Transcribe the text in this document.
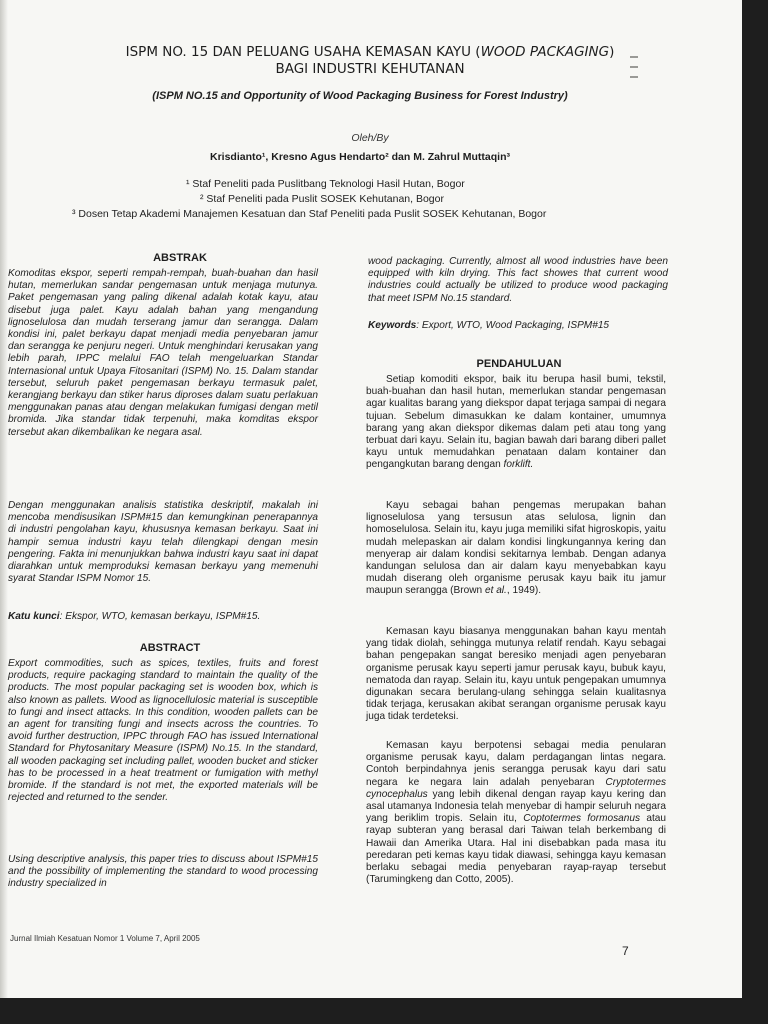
ISPM NO. 15 DAN PELUANG USAHA KEMASAN KAYU (WOOD PACKAGING)
BAGI INDUSTRI KEHUTANAN
(ISPM NO.15 and Opportunity of Wood Packaging Business for Forest Industry)
Oleh/By
Krisdianto¹, Kresno Agus Hendarto² dan M. Zahrul Muttaqin³
¹ Staf Peneliti pada Puslitbang Teknologi Hasil Hutan, Bogor
² Staf Peneliti pada Puslit SOSEK Kehutanan, Bogor
³ Dosen Tetap Akademi Manajemen Kesatuan dan Staf Peneliti pada Puslit SOSEK Kehutanan, Bogor
ABSTRAK

Komoditas ekspor, seperti rempah-rempah, buah-buahan dan hasil hutan, memerlukan sandar pengemasan untuk menjaga mutunya. Paket pengemasan yang paling dikenal adalah kotak kayu, atau disebut juga palet. Kayu adalah bahan yang mengandung lignoselulosa dan mudah terserang jamur dan serangga. Dalam kondisi ini, palet berkayu dapat menjadi media penyebaran jamur dan serangga ke penjuru negeri. Untuk menghindari kerusakan yang lebih parah, IPPC melalui FAO telah mengeluarkan Standar Internasional untuk Upaya Fitosanitari (ISPM) No. 15. Dalam standar tersebut, seluruh paket pengemasan berkayu termasuk palet, kerangjang berkayu dan stiker harus diproses dalam suatu perlakuan menggunakan panas atau dengan melakukan fumigasi dengan metil bromida. Jika standar tidak terpenuhi, maka komditas ekspor tersebut akan dikembalikan ke negara asal.

Dengan menggunakan analisis statistika deskriptif, makalah ini mencoba mendisusikan ISPM#15 dan kemungkinan penerapannya di industri pengolahan kayu, khususnya kemasan berkayu. Saat ini hampir semua industri kayu telah dilengkapi dengan mesin pengering. Fakta ini menunjukkan bahwa industri kayu saat ini dapat diarahkan untuk memproduksi kemasan berkayu yang memenuhi syarat Standar ISPM Nomor 15.

Katu kunci: Ekspor, WTO, kemasan berkayu, ISPM#15.

ABSTRACT

Export commodities, such as spices, textiles, fruits and forest products, require packaging standard to maintain the quality of the products. The most popular packaging set is wooden box, which is also known as pallets. Wood as lignocellulosic material is susceptible to fungi and insect attacks. In this condition, wooden pallets can be an agent for transiting fungi and insects across the countries. To avoid further destruction, IPPC through FAO has issued International Standard for Phytosanitary Measure (ISPM) No.15. In the standard, all wooden packaging set including pallet, wooden bucket and sticker has to be processed in a heat treatment or fumigation with methyl bromide. If the standard is not met, the exported materials will be rejected and returned to the sender.

Using descriptive analysis, this paper tries to discuss about ISPM#15 and the possibility of implementing the standard to wood processing industry specialized in

wood packaging. Currently, almost all wood industries have been equipped with kiln drying. This fact showes that current wood industries could actually be utilized to produce wood packaging that meet ISPM No.15 standard.

Keywords: Export, WTO, Wood Packaging, ISPM#15

PENDAHULUAN

Setiap komoditi ekspor, baik itu berupa hasil bumi, tekstil, buah-buahan dan hasil hutan, memerlukan standar pengemasan agar kualitas barang yang diekspor dapat terjaga sampai di negara tujuan. Sebelum dimasukkan ke dalam kontainer, umumnya barang yang akan diekspor dikemas dalam peti atau tong yang terbuat dari kayu. Selain itu, bagian bawah dari barang diberi pallet kayu untuk memudahkan penataan dalam kontainer dan pengangkutan barang dengan forklift.

Kayu sebagai bahan pengemas merupakan bahan lignoselulosa yang tersusun atas selulosa, lignin dan homoselulosa. Selain itu, kayu juga memiliki sifat higroskopis, yaitu mudah melepaskan air dalam kondisi lingkungannya kering dan menyerap air dalam kondisi sekitarnya lembab. Dengan adanya kandungan selulosa dan air dalam kayu menyebabkan kayu mudah diserang oleh organisme perusak kayu baik itu jamur maupun serangga (Brown et al., 1949).

Kemasan kayu biasanya menggunakan bahan kayu mentah yang tidak diolah, sehingga mutunya relatif rendah. Kayu sebagai bahan pengepakan sangat beresiko menjadi agen penyebaran organisme perusak kayu seperti jamur perusak kayu, bubuk kayu, nematoda dan rayap. Selain itu, kayu untuk pengepakan umumnya digunakan secara berulang-ulang sehingga selain kualitasnya tidak terjaga, kerusakan akibat serangan organisme perusak kayu juga tidak terdeteksi.

Kemasan kayu berpotensi sebagai media penularan organisme perusak kayu, dalam perdagangan lintas negara. Contoh berpindahnya jenis serangga perusak kayu dari satu negara ke negara lain adalah penyebaran Cryptotermes cynocephalus yang lebih dikenal dengan rayap kayu kering dan asal utamanya Indonesia telah menyebar di hampir seluruh negara yang beriklim tropis. Selain itu, Coptotermes formosanus atau rayap subteran yang berasal dari Taiwan telah berkembang di Hawaii dan Amerika Utara. Hal ini disebabkan pada masa itu peredaran peti kemas kayu tidak diawasi, sehingga kayu kemasan berlaku sebagai media penyebaran rayap-rayap tersebut (Tarumingkeng dan Cotto, 2005).

Jurnal Ilmiah Kesatuan Nomor 1 Volume 7, April 2005
7
